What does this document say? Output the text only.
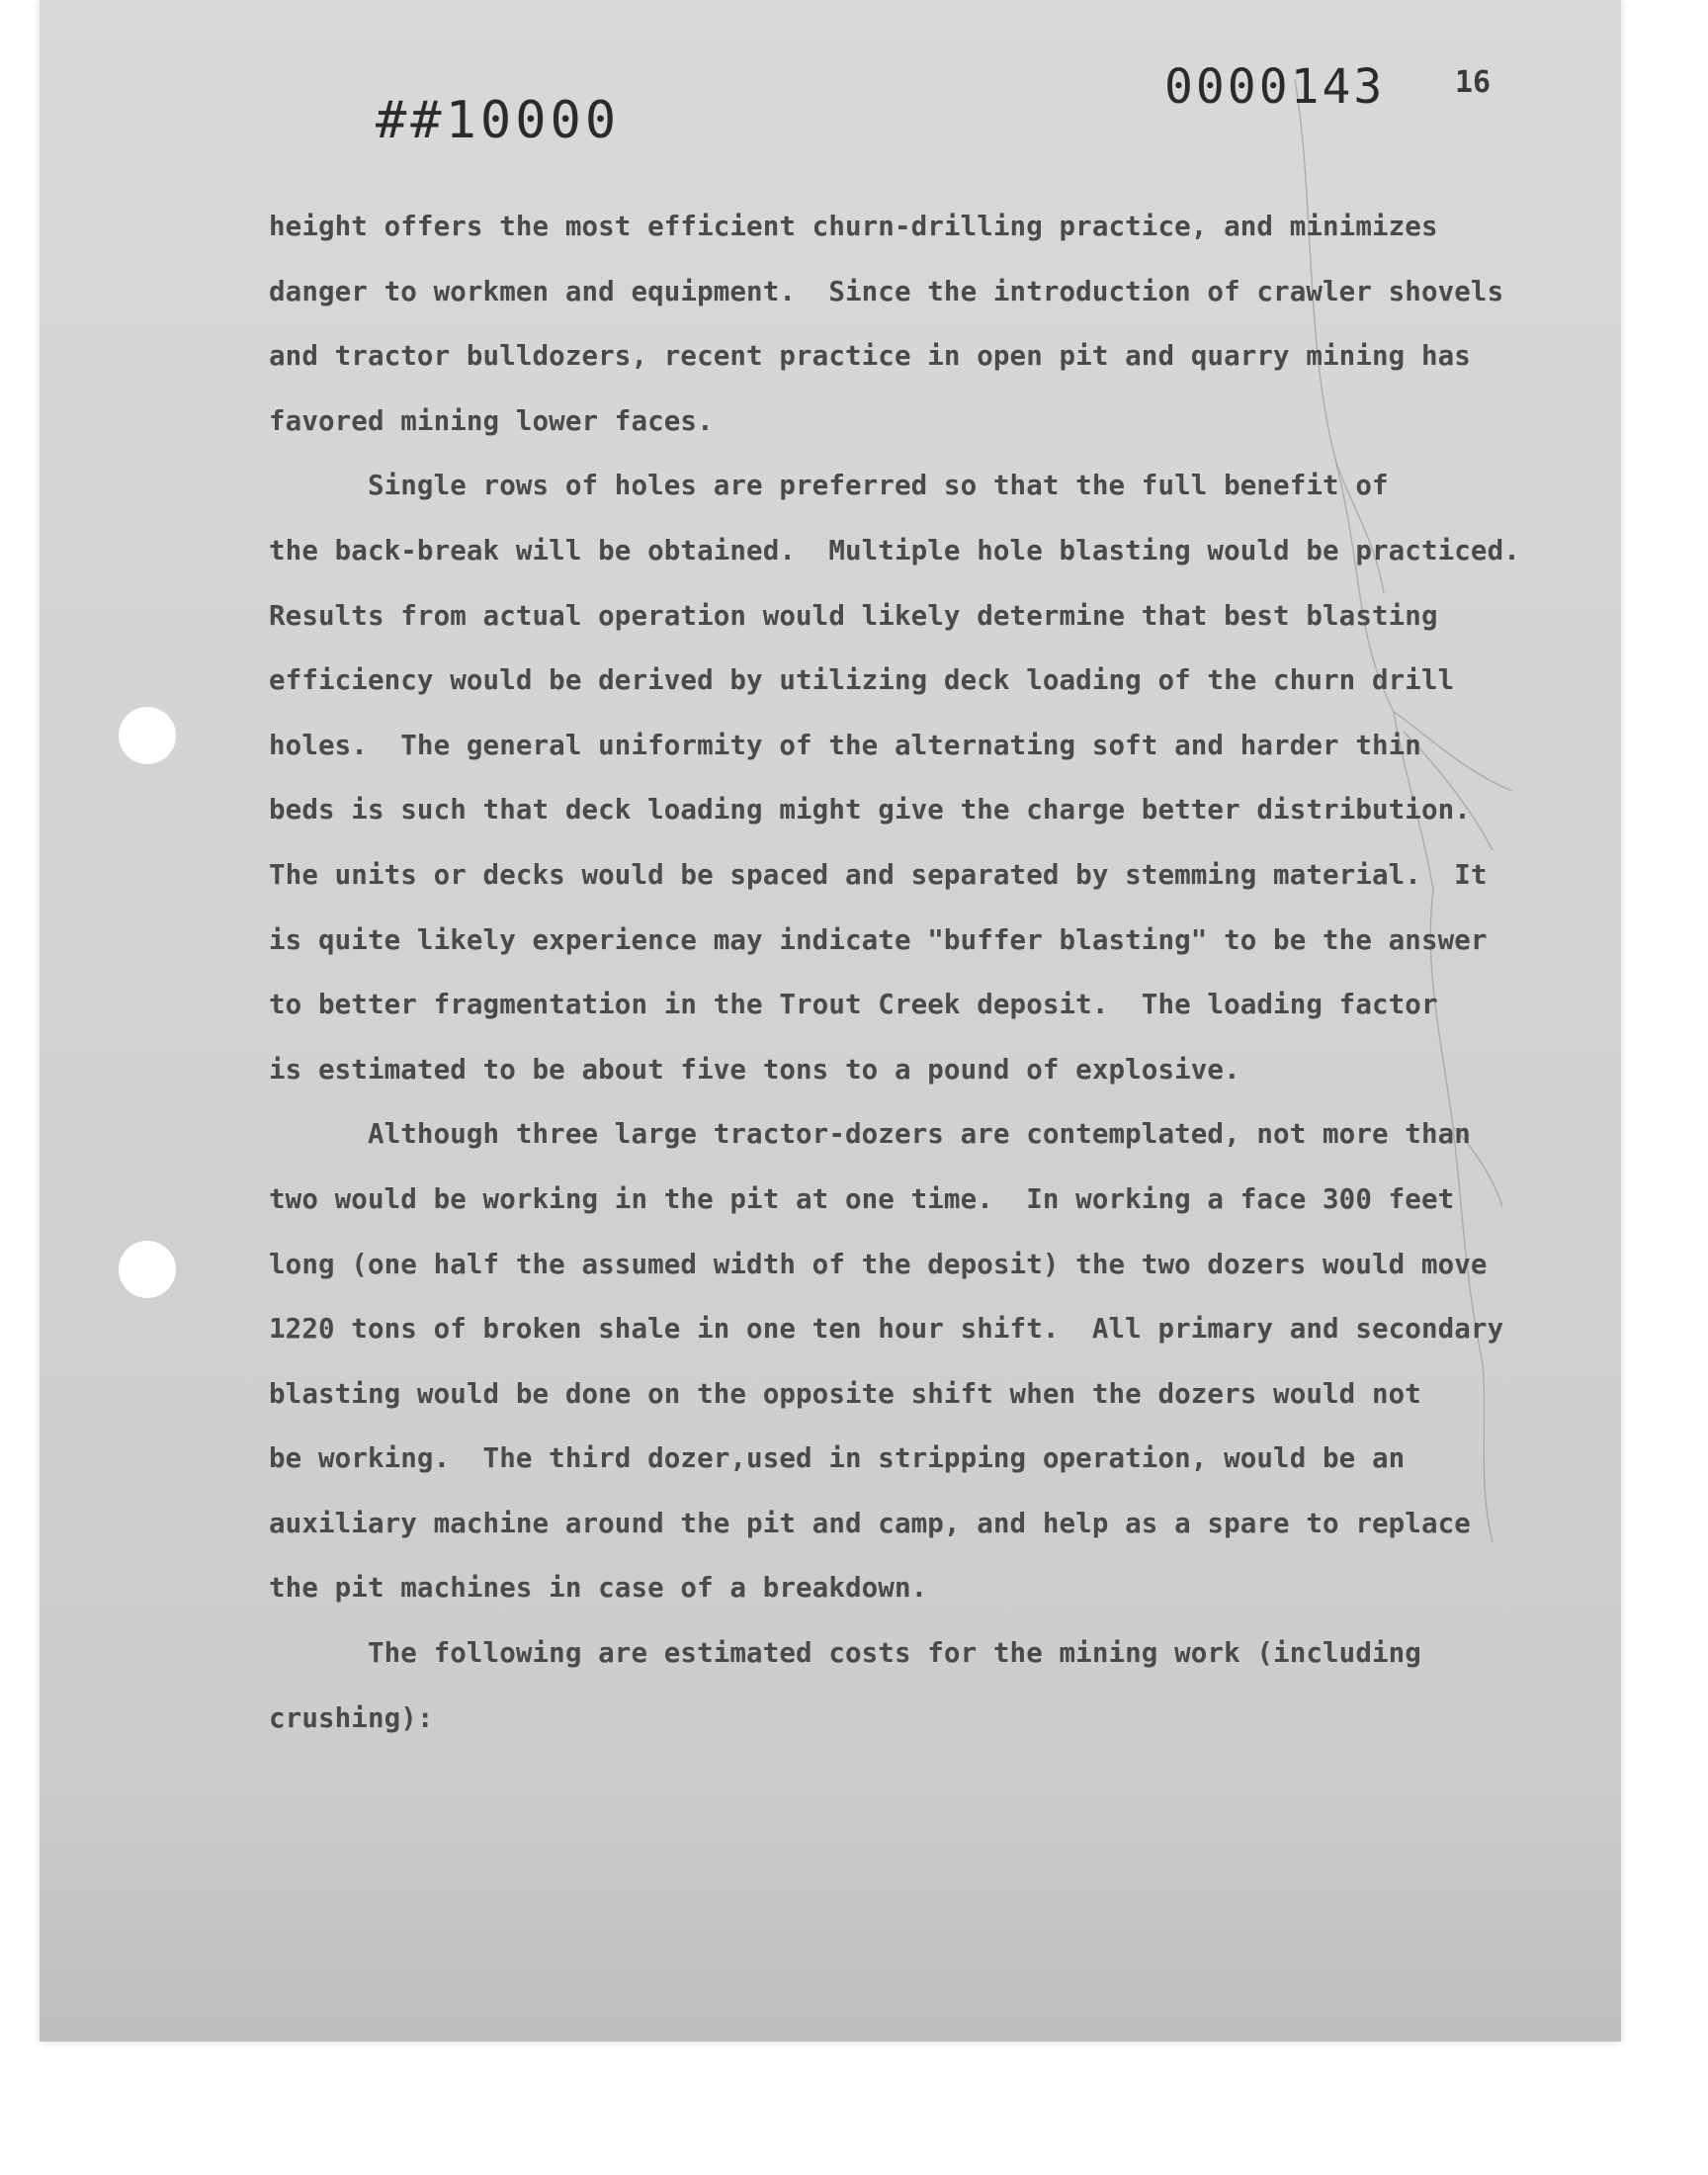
##10000
0000143 16
height offers the most efficient churn-drilling practice, and minimizes
danger to workmen and equipment.  Since the introduction of crawler shovels
and tractor bulldozers, recent practice in open pit and quarry mining has
favored mining lower faces.
Single rows of holes are preferred so that the full benefit of
the back-break will be obtained.  Multiple hole blasting would be practiced.
Results from actual operation would likely determine that best blasting
efficiency would be derived by utilizing deck loading of the churn drill
holes.  The general uniformity of the alternating soft and harder thin
beds is such that deck loading might give the charge better distribution.
The units or decks would be spaced and separated by stemming material.  It
is quite likely experience may indicate "buffer blasting" to be the answer
to better fragmentation in the Trout Creek deposit.  The loading factor
is estimated to be about five tons to a pound of explosive.
Although three large tractor-dozers are contemplated, not more than
two would be working in the pit at one time.  In working a face 300 feet
long (one half the assumed width of the deposit) the two dozers would move
1220 tons of broken shale in one ten hour shift.  All primary and secondary
blasting would be done on the opposite shift when the dozers would not
be working.  The third dozer,used in stripping operation, would be an
auxiliary machine around the pit and camp, and help as a spare to replace
the pit machines in case of a breakdown.
The following are estimated costs for the mining work (including
crushing):
